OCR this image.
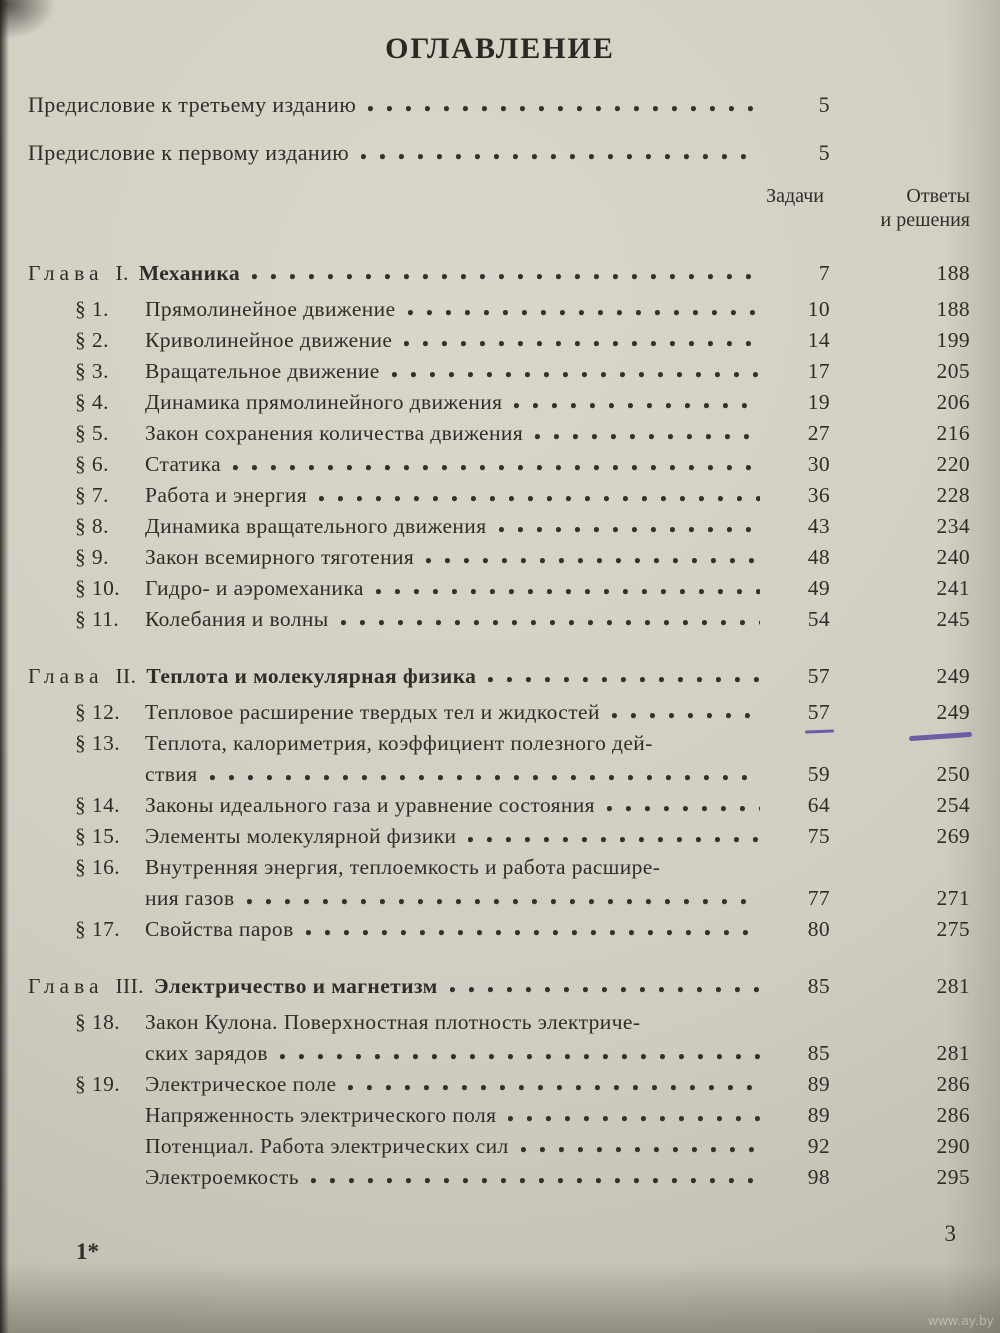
ОГЛАВЛЕНИЕ
Предисловие к третьему изданию	5
Предисловие к первому изданию	5
Задачи	Ответы
и решения
Глава I. Механика	7	188
§ 1.	Прямолинейное движение	10	188
§ 2.	Криволинейное движение	14	199
§ 3.	Вращательное движение	17	205
§ 4.	Динамика прямолинейного движения	19	206
§ 5.	Закон сохранения количества движения	27	216
§ 6.	Статика	30	220
§ 7.	Работа и энергия	36	228
§ 8.	Динамика вращательного движения	43	234
§ 9.	Закон всемирного тяготения	48	240
§ 10.	Гидро- и аэромеханика	49	241
§ 11.	Колебания и волны	54	245
Глава II. Теплота и молекулярная физика	57	249
§ 12.	Тепловое расширение твердых тел и жидкостей	57	249
§ 13.	Теплота, калориметрия, коэффициент полезного дей-
ствия	59	250
§ 14.	Законы идеального газа и уравнение состояния	64	254
§ 15.	Элементы молекулярной физики	75	269
§ 16.	Внутренняя энергия, теплоемкость и работа расшире-
ния газов	77	271
§ 17.	Свойства паров	80	275
Глава III. Электричество и магнетизм	85	281
§ 18.	Закон Кулона. Поверхностная плотность электриче-
ских зарядов	85	281
§ 19.	Электрическое поле	89	286
Напряженность электрического поля	89	286
Потенциал. Работа электрических сил	92	290
Электроемкость	98	295
1*
3
www.ay.by
